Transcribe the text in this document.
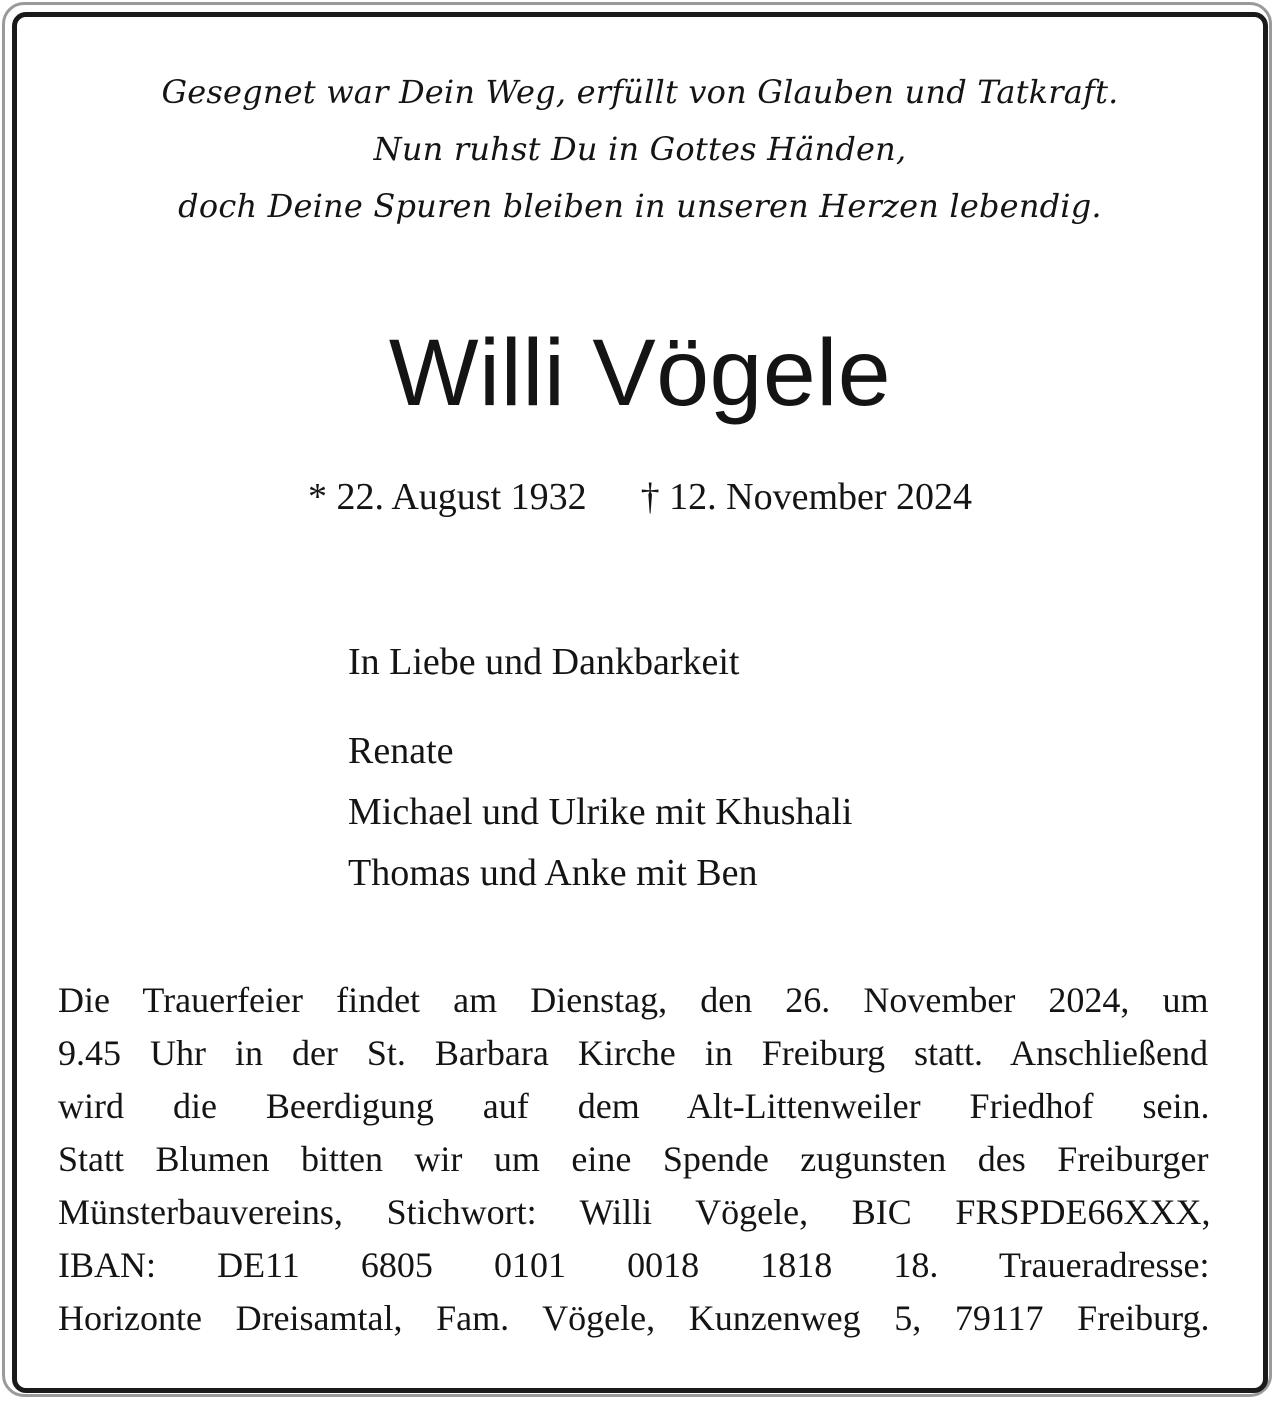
Gesegnet war Dein Weg, erfüllt von Glauben und Tatkraft.
Nun ruhst Du in Gottes Händen,
doch Deine Spuren bleiben in unseren Herzen lebendig.
Willi Vögele
* 22. August 1932 † 12. November 2024
In Liebe und Dankbarkeit
Renate
Michael und Ulrike mit Khushali
Thomas und Anke mit Ben
Die Trauerfeier findet am Dienstag, den 26. November 2024, um
9.45 Uhr in der St. Barbara Kirche in Freiburg statt. Anschließend
wird die Beerdigung auf dem Alt-Littenweiler Friedhof sein.
Statt Blumen bitten wir um eine Spende zugunsten des Freiburger
Münsterbauvereins, Stichwort: Willi Vögele, BIC FRSPDE66XXX,
IBAN: DE11 6805 0101 0018 1818 18. Traueradresse:
Horizonte Dreisamtal, Fam. Vögele, Kunzenweg 5, 79117 Freiburg.
